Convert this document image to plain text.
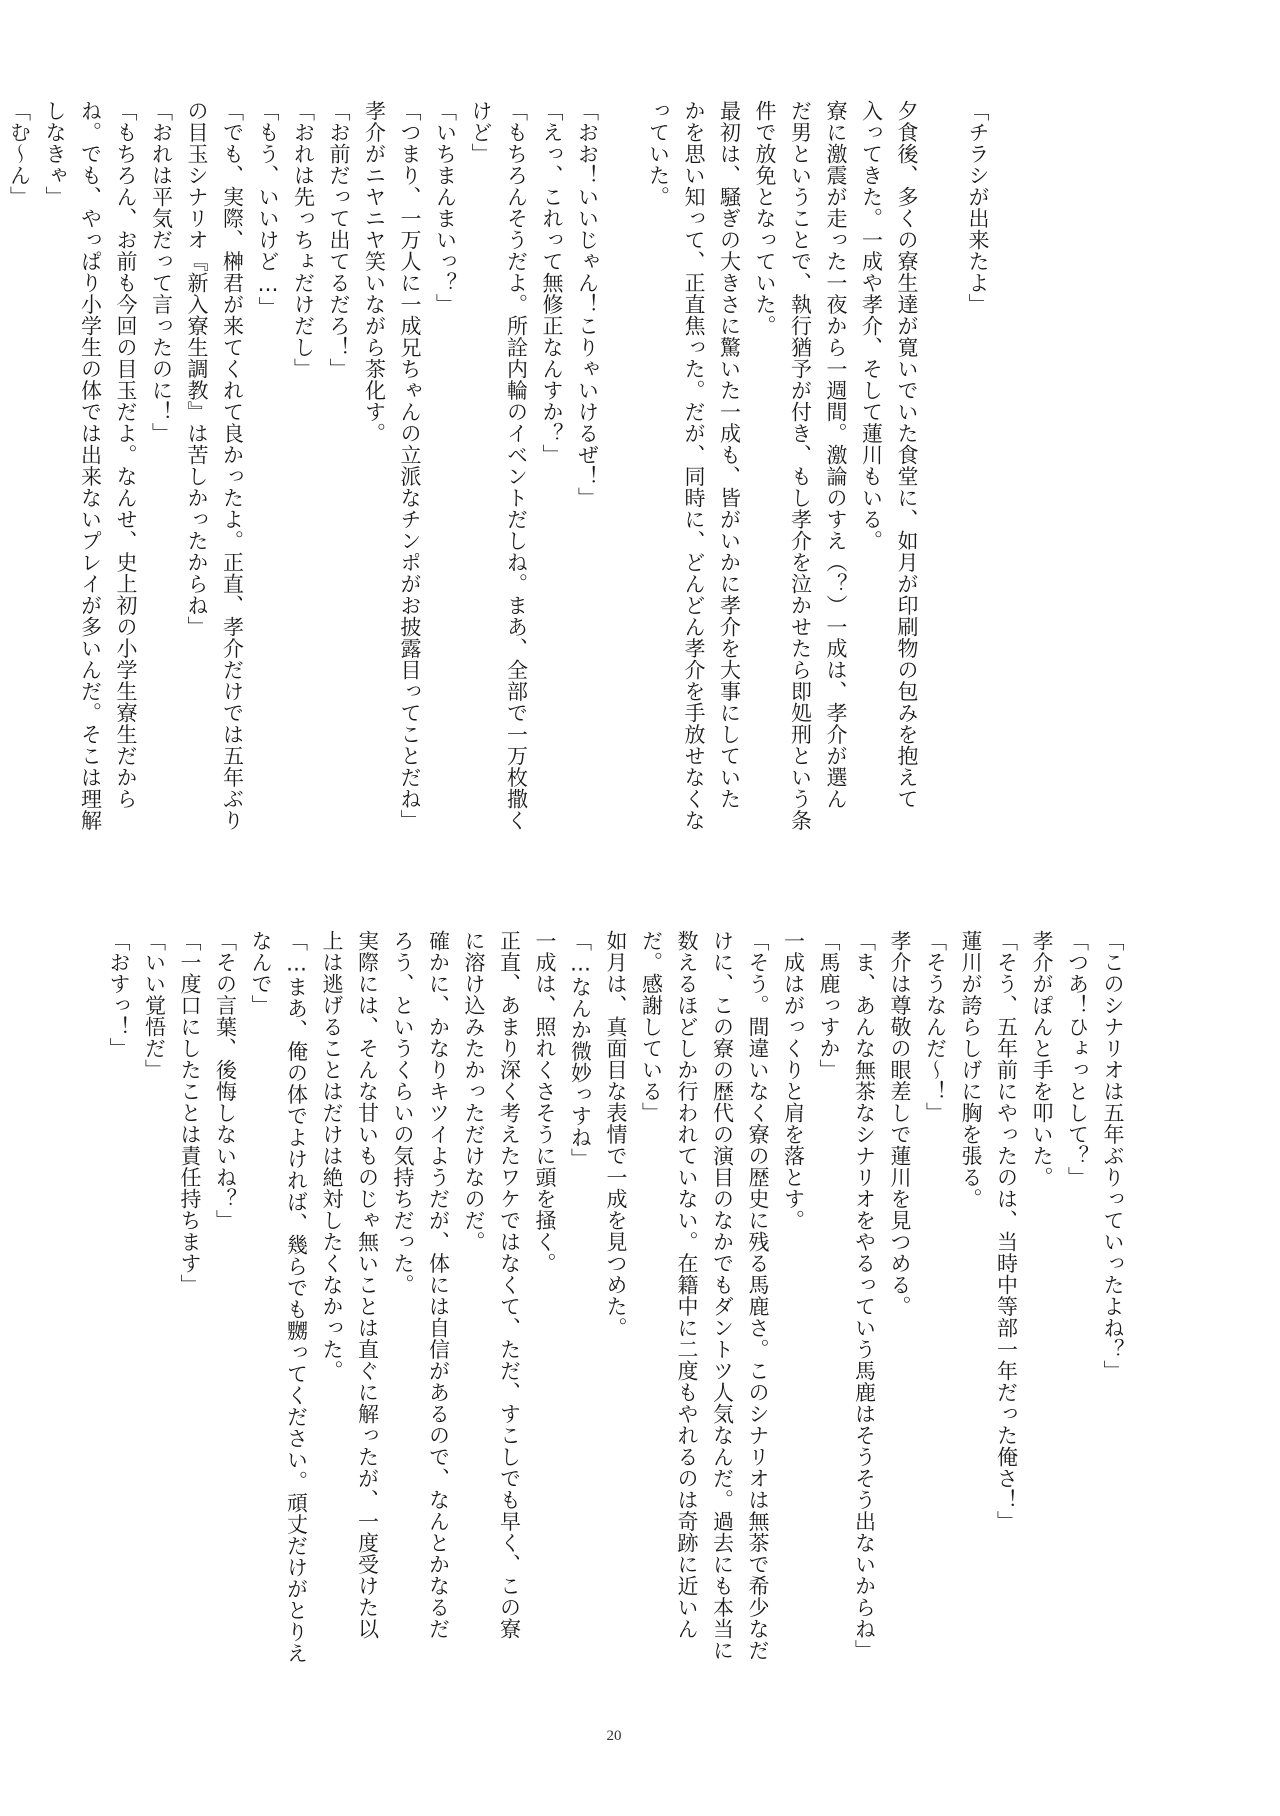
「チラシが出来たよ」

夕食後、多くの寮生達が寛いでいた食堂に、如月が印刷物の包みを抱えて
入ってきた。一成や孝介、そして蓮川もいる。
寮に激震が走った一夜から一週間。激論のすえ（？）一成は、孝介が選ん
だ男ということで、執行猶予が付き、もし孝介を泣かせたら即処刑という条
件で放免となっていた。
最初は、騒ぎの大きさに驚いた一成も、皆がいかに孝介を大事にしていた
かを思い知って、正直焦った。だが、同時に、どんどん孝介を手放せなくな
っていた。

「おお！いいじゃん！こりゃいけるぜ！」
「えっ、これって無修正なんすか？」
「もちろんそうだよ。所詮内輪のイベントだしね。まあ、全部で一万枚撒く
けど」
「いちまんまいっ？」
「つまり、一万人に一成兄ちゃんの立派なチンポがお披露目ってことだね」
孝介がニヤニヤ笑いながら茶化す。
「お前だって出てるだろ！」
「おれは先っちょだけだし」
「もう、いいけど…」
「でも、実際、榊君が来てくれて良かったよ。正直、孝介だけでは五年ぶり
の目玉シナリオ『新入寮生調教』は苦しかったからね」
「おれは平気だって言ったのに！」
「もちろん、お前も今回の目玉だよ。なんせ、史上初の小学生寮生だから
ね。でも、やっぱり小学生の体では出来ないプレイが多いんだ。そこは理解
しなきゃ」
「む～ん」
「このシナリオは五年ぶりっていったよね？」
「つあ！ひょっとして？」
孝介がぽんと手を叩いた。
「そう、五年前にやったのは、当時中等部一年だった俺さ！」
蓮川が誇らしげに胸を張る。
「そうなんだ～！」
孝介は尊敬の眼差しで蓮川を見つめる。
「ま、あんな無茶なシナリオをやるっていう馬鹿はそうそう出ないからね」
「馬鹿っすか」
一成はがっくりと肩を落とす。
「そう。間違いなく寮の歴史に残る馬鹿さ。このシナリオは無茶で希少なだ
けに、この寮の歴代の演目のなかでもダントツ人気なんだ。過去にも本当に
数えるほどしか行われていない。在籍中に二度もやれるのは奇跡に近いん
だ。感謝している」
如月は、真面目な表情で一成を見つめた。
「…なんか微妙っすね」
一成は、照れくさそうに頭を掻く。
正直、あまり深く考えたワケではなくて、ただ、すこしでも早く、この寮
に溶け込みたかっただけなのだ。
確かに、かなりキツイようだが、体には自信があるので、なんとかなるだ
ろう、というくらいの気持ちだった。
実際には、そんな甘いものじゃ無いことは直ぐに解ったが、一度受けた以
上は逃げることはだけは絶対したくなかった。
「…まあ、俺の体でよければ、幾らでも嬲ってください。頑丈だけがとりえ
なんで」
「その言葉、後悔しないね？」
「一度口にしたことは責任持ちます」
「いい覚悟だ」
「おすっ！」
20
